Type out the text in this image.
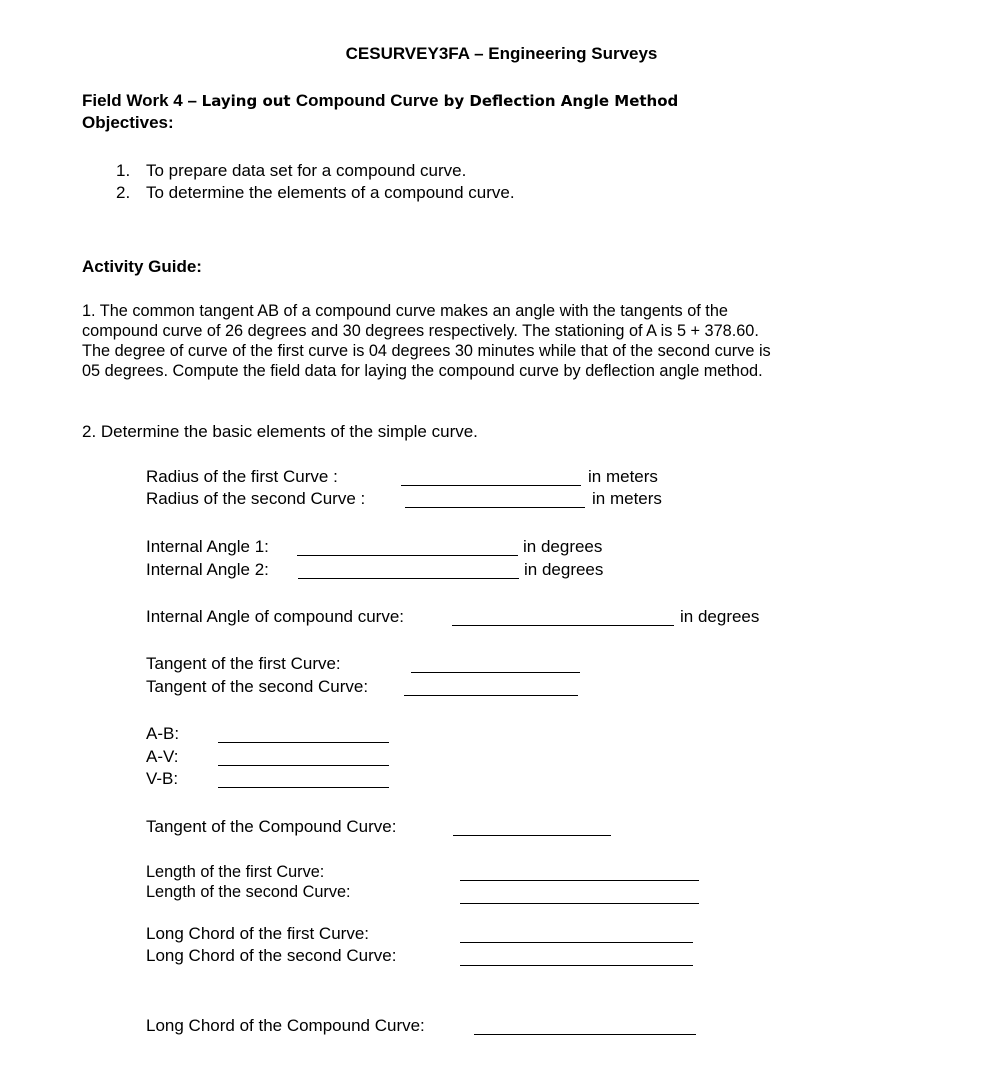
CESURVEY3FA – Engineering Surveys
Field Work 4 – Laying out Compound Curve by Deflection Angle Method
Objectives:
1. To prepare data set for a compound curve.
2. To determine the elements of a compound curve.
Activity Guide:
1. The common tangent AB of a compound curve makes an angle with the tangents of the
compound curve of 26 degrees and 30 degrees respectively. The stationing of A is 5 + 378.60.
The degree of curve of the first curve is 04 degrees 30 minutes while that of the second curve is
05 degrees. Compute the field data for laying the compound curve by deflection angle method.
2. Determine the basic elements of the simple curve.
Radius of the first Curve :	in meters
Radius of the second Curve :	in meters
Internal Angle 1:	in degrees
Internal Angle 2:	in degrees
Internal Angle of compound curve:	in degrees
Tangent of the first Curve:
Tangent of the second Curve:
A-B:
A-V:
V-B:
Tangent of the Compound Curve:
Length of the first Curve:
Length of the second Curve:
Long Chord of the first Curve:
Long Chord of the second Curve:
Long Chord of the Compound Curve:
